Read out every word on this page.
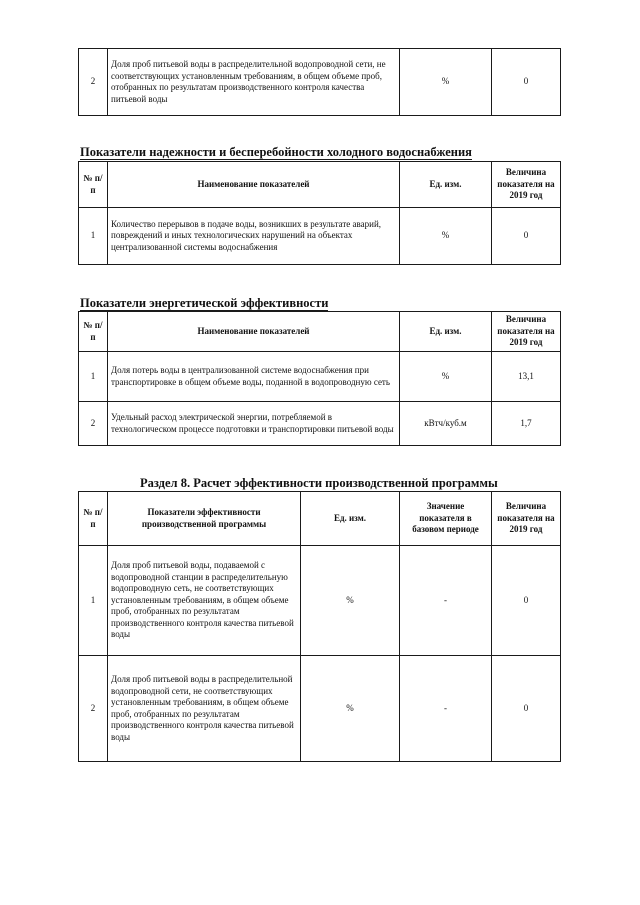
2	Доля проб питьевой воды в распределительной водопроводной сети, не соответствующих установленным требованиям, в общем объеме проб, отобранных по результатам производственного контроля качества питьевой воды	%	0
Показатели надежности и бесперебойности холодного водоснабжения
№ п/п	Наименование показателей	Ед. изм.	Величина показателя на 2019 год
1	Количество перерывов в подаче воды, возникших в результате аварий, повреждений и иных технологических нарушений на объектах централизованной системы водоснабжения	%	0
Показатели энергетической эффективности
№ п/п	Наименование показателей	Ед. изм.	Величина показателя на 2019 год
1	Доля потерь воды в централизованной системе водоснабжения при транспортировке в общем объеме воды, поданной в водопроводную сеть	%	13,1
2	Удельный расход электрической энергии, потребляемой в технологическом процессе подготовки и транспортировки питьевой воды	кВтч/куб.м	1,7
Раздел 8. Расчет эффективности производственной программы
№ п/п	Показатели эффективности производственной программы	Ед. изм.	Значение показателя в базовом периоде	Величина показателя на 2019 год
1	Доля проб питьевой воды, подаваемой с водопроводной станции в распределительную водопроводную сеть, не соответствующих установленным требованиям, в общем объеме проб, отобранных по результатам производственного контроля качества питьевой воды	%	-	0
2	Доля проб питьевой воды в распределительной водопроводной сети, не соответствующих установленным требованиям, в общем объеме проб, отобранных по результатам производственного контроля качества питьевой воды	%	-	0
